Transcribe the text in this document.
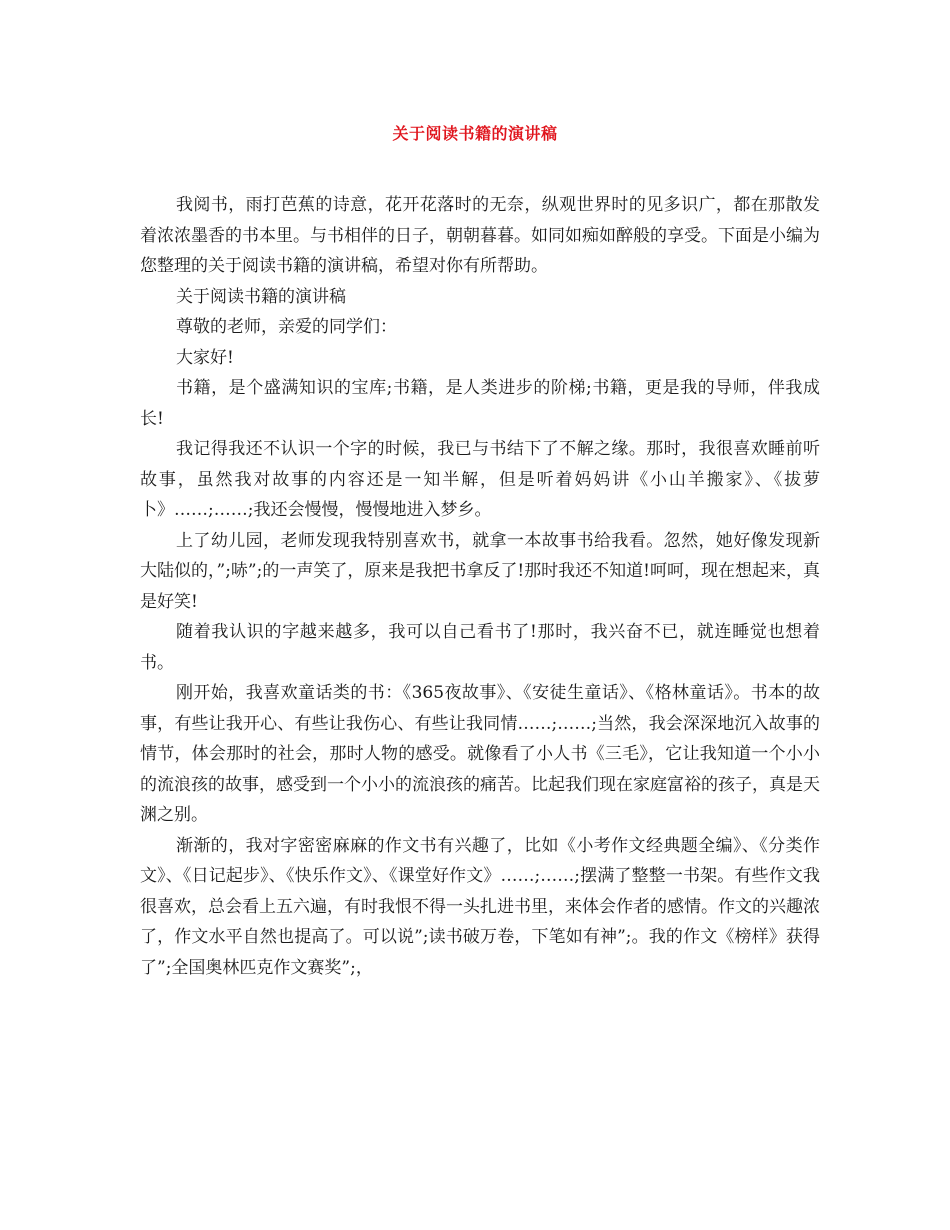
关于阅读书籍的演讲稿

我阅书，雨打芭蕉的诗意，花开花落时的无奈，纵观世界时的见多识广，都在那散发着浓浓墨香的书本里。与书相伴的日子，朝朝暮暮。如同如痴如醉般的享受。下面是小编为您整理的关于阅读书籍的演讲稿，希望对你有所帮助。

关于阅读书籍的演讲稿

尊敬的老师，亲爱的同学们：

大家好!

书籍，是个盛满知识的宝库;书籍，是人类进步的阶梯;书籍，更是我的导师，伴我成长!

我记得我还不认识一个字的时候，我已与书结下了不解之缘。那时，我很喜欢睡前听故事，虽然我对故事的内容还是一知半解，但是听着妈妈讲《小山羊搬家》、《拔萝卜》……;……;我还会慢慢，慢慢地进入梦乡。

上了幼儿园，老师发现我特别喜欢书，就拿一本故事书给我看。忽然，她好像发现新大陆似的，”;哧”;的一声笑了，原来是我把书拿反了!那时我还不知道!呵呵，现在想起来，真是好笑!

随着我认识的字越来越多，我可以自己看书了!那时，我兴奋不已，就连睡觉也想着书。

刚开始，我喜欢童话类的书：《365夜故事》、《安徒生童话》、《格林童话》。书本的故事，有些让我开心、有些让我伤心、有些让我同情……;……;当然，我会深深地沉入故事的情节，体会那时的社会，那时人物的感受。就像看了小人书《三毛》，它让我知道一个小小的流浪孩的故事，感受到一个小小的流浪孩的痛苦。比起我们现在家庭富裕的孩子，真是天渊之别。

渐渐的，我对字密密麻麻的作文书有兴趣了，比如《小考作文经典题全编》、《分类作文》、《日记起步》、《快乐作文》、《课堂好作文》……;……;摆满了整整一书架。有些作文我很喜欢，总会看上五六遍，有时我恨不得一头扎进书里，来体会作者的感情。作文的兴趣浓了，作文水平自然也提高了。可以说”;读书破万卷，下笔如有神”;。我的作文《榜样》获得了”;全国奥林匹克作文赛奖”;，
